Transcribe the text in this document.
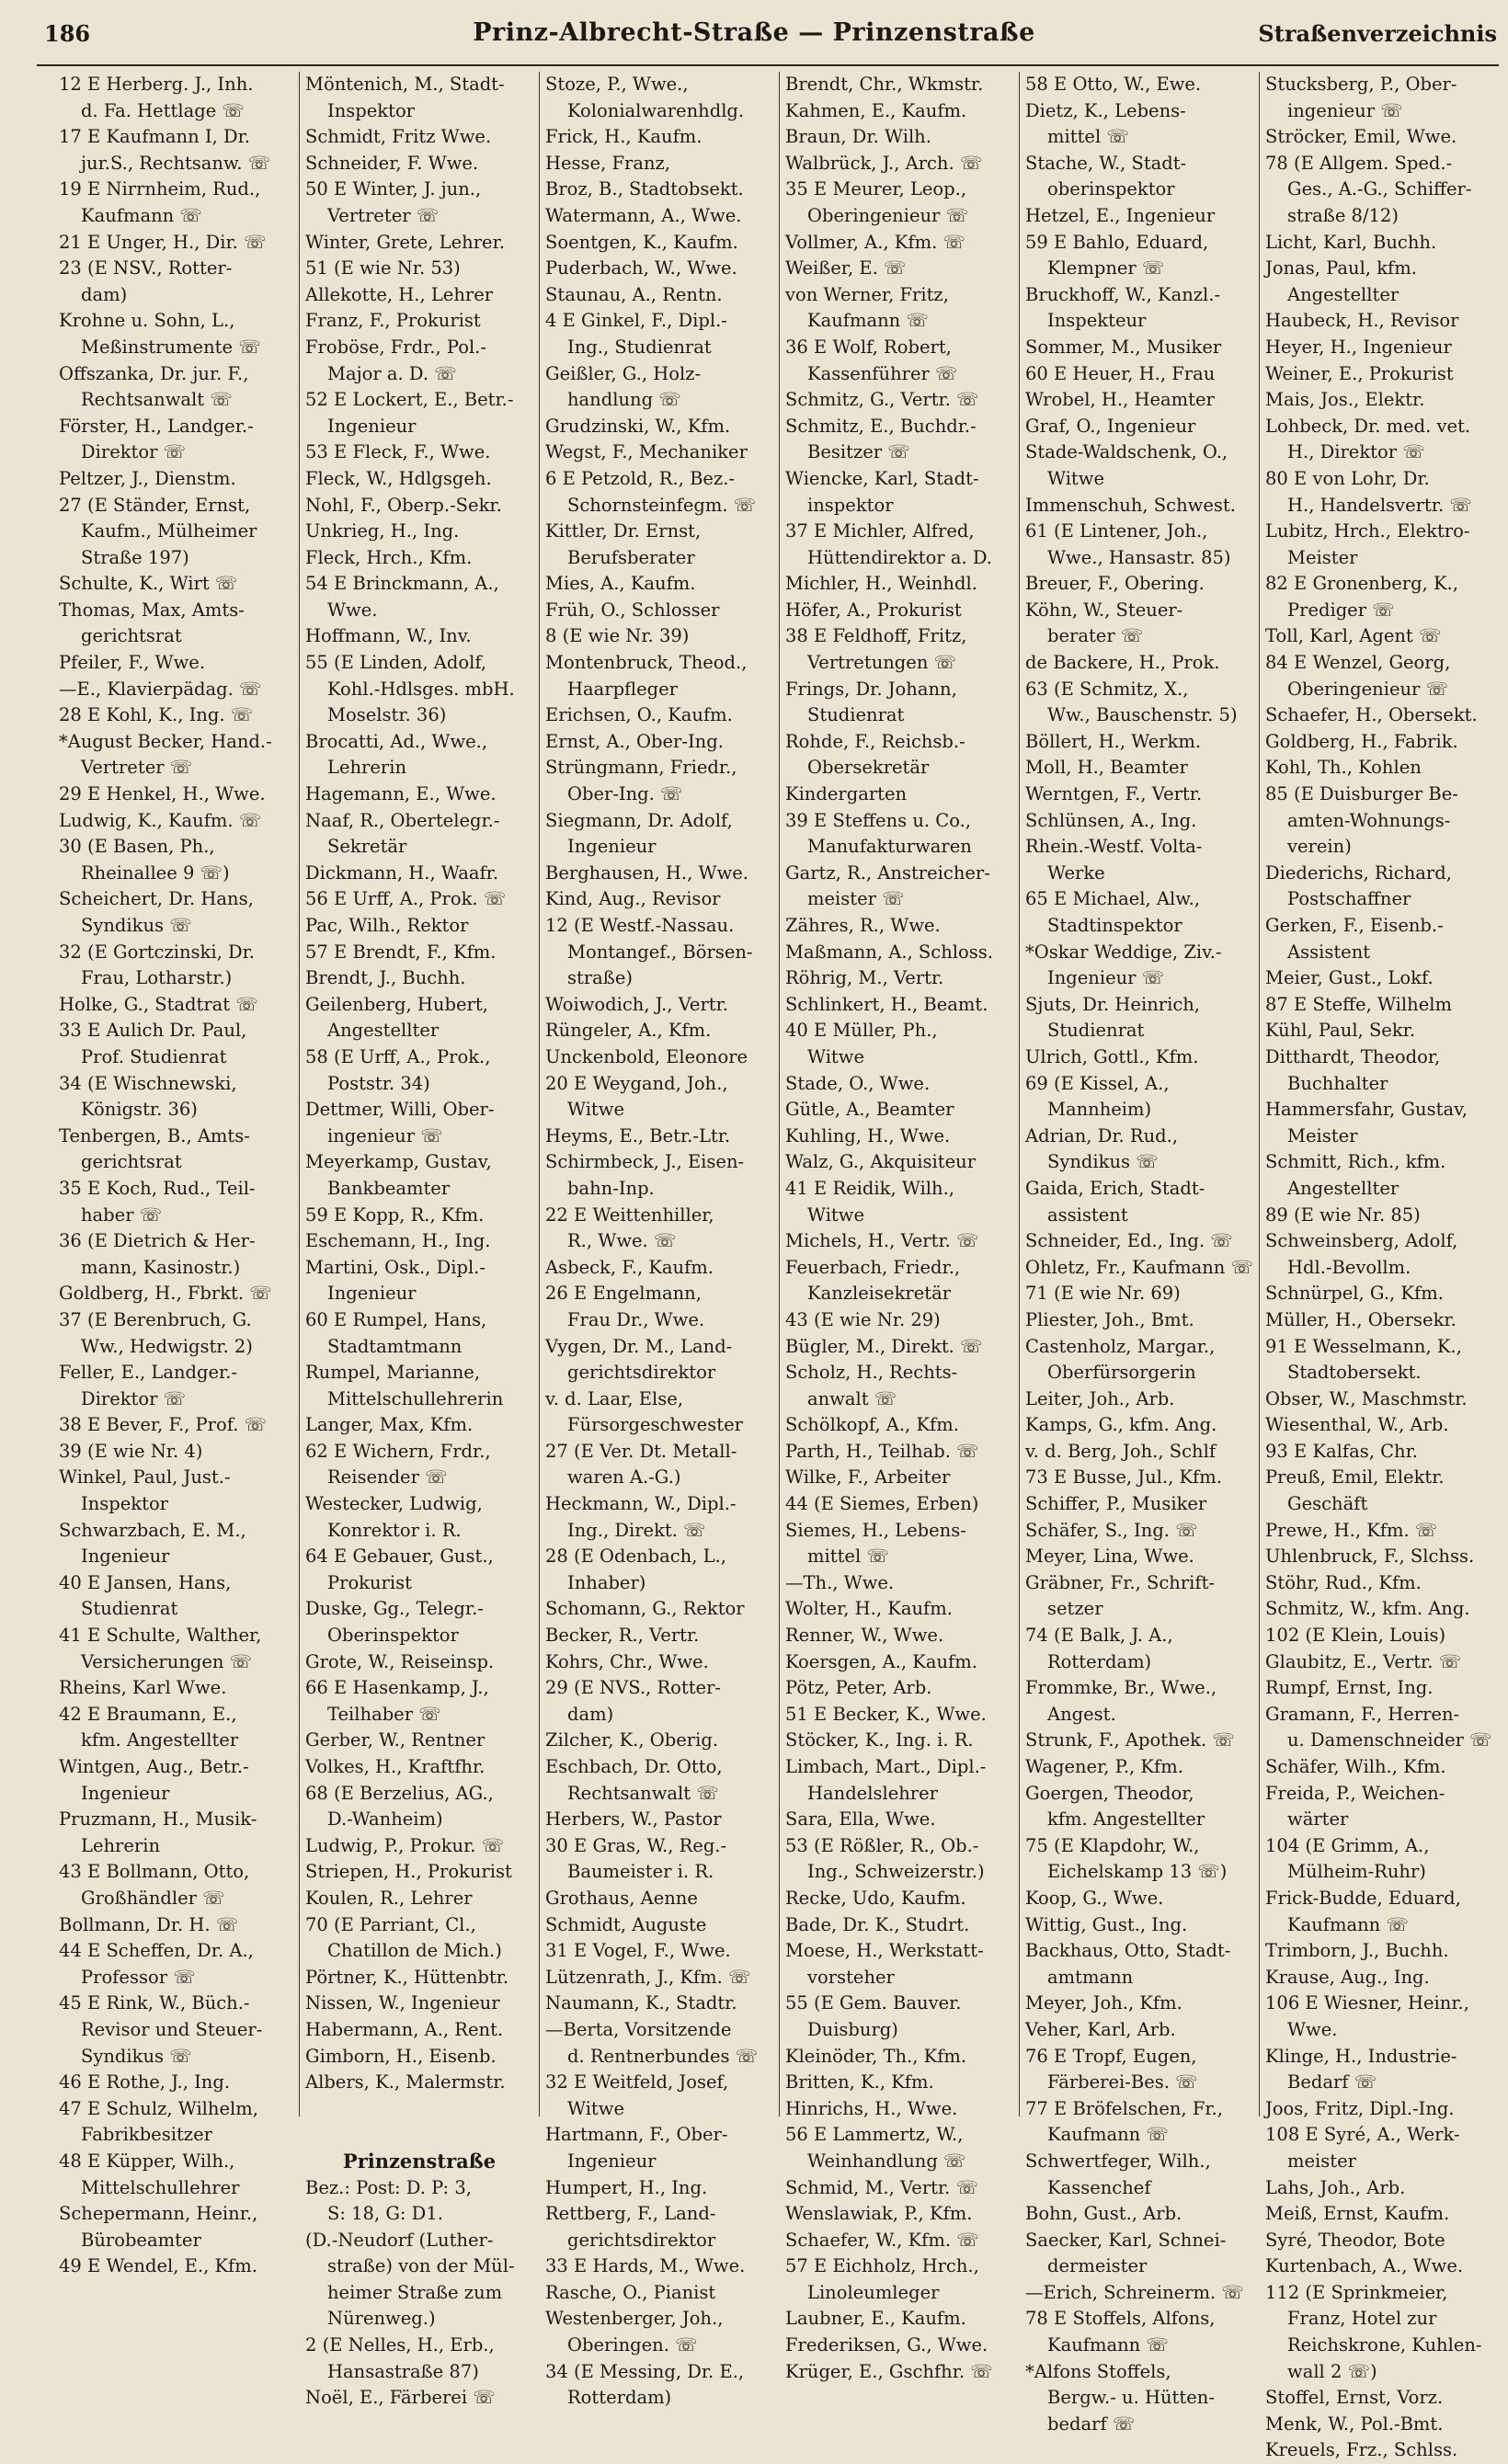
186	Prinz-Albrecht-Straße — Prinzenstraße	Straßenverzeichnis
12 E Herberg. J., Inh.
d. Fa. Hettlage ☏
17 E Kaufmann I, Dr.
jur.S., Rechtsanw. ☏
19 E Nirrnheim, Rud.,
Kaufmann ☏
21 E Unger, H., Dir. ☏
23 (E NSV., Rotter-
dam)
Krohne u. Sohn, L.,
Meßinstrumente ☏
Offszanka, Dr. jur. F.,
Rechtsanwalt ☏
Förster, H., Landger.-
Direktor ☏
Peltzer, J., Dienstm.
27 (E Ständer, Ernst,
Kaufm., Mülheimer
Straße 197)
Schulte, K., Wirt ☏
Thomas, Max, Amts-
gerichtsrat
Pfeiler, F., Wwe.
—E., Klavierpädag. ☏
28 E Kohl, K., Ing. ☏
*August Becker, Hand.-
Vertreter ☏
29 E Henkel, H., Wwe.
Ludwig, K., Kaufm. ☏
30 (E Basen, Ph.,
Rheinallee 9 ☏)
Scheichert, Dr. Hans,
Syndikus ☏
32 (E Gortczinski, Dr.
Frau, Lotharstr.)
Holke, G., Stadtrat ☏
33 E Aulich Dr. Paul,
Prof. Studienrat
34 (E Wischnewski,
Königstr. 36)
Tenbergen, B., Amts-
gerichtsrat
35 E Koch, Rud., Teil-
haber ☏
36 (E Dietrich & Her-
mann, Kasinostr.)
Goldberg, H., Fbrkt. ☏
37 (E Berenbruch, G.
Ww., Hedwigstr. 2)
Feller, E., Landger.-
Direktor ☏
38 E Bever, F., Prof. ☏
39 (E wie Nr. 4)
Winkel, Paul, Just.-
Inspektor
Schwarzbach, E. M.,
Ingenieur
40 E Jansen, Hans,
Studienrat
41 E Schulte, Walther,
Versicherungen ☏
Rheins, Karl Wwe.
42 E Braumann, E.,
kfm. Angestellter
Wintgen, Aug., Betr.-
Ingenieur
Pruzmann, H., Musik-
Lehrerin
43 E Bollmann, Otto,
Großhändler ☏
Bollmann, Dr. H. ☏
44 E Scheffen, Dr. A.,
Professor ☏
45 E Rink, W., Büch.-
Revisor und Steuer-
Syndikus ☏
46 E Rothe, J., Ing.
47 E Schulz, Wilhelm,
Fabrikbesitzer
48 E Küpper, Wilh.,
Mittelschullehrer
Schepermann, Heinr.,
Bürobeamter
49 E Wendel, E., Kfm.
Möntenich, M., Stadt-
Inspektor
Schmidt, Fritz Wwe.
Schneider, F. Wwe.
50 E Winter, J. jun.,
Vertreter ☏
Winter, Grete, Lehrer.
51 (E wie Nr. 53)
Allekotte, H., Lehrer
Franz, F., Prokurist
Froböse, Frdr., Pol.-
Major a. D. ☏
52 E Lockert, E., Betr.-
Ingenieur
53 E Fleck, F., Wwe.
Fleck, W., Hdlgsgeh.
Nohl, F., Oberp.-Sekr.
Unkrieg, H., Ing.
Fleck, Hrch., Kfm.
54 E Brinckmann, A.,
Wwe.
Hoffmann, W., Inv.
55 (E Linden, Adolf,
Kohl.-Hdlsges. mbH.
Moselstr. 36)
Brocatti, Ad., Wwe.,
Lehrerin
Hagemann, E., Wwe.
Naaf, R., Obertelegr.-
Sekretär
Dickmann, H., Waafr.
56 E Urff, A., Prok. ☏
Pac, Wilh., Rektor
57 E Brendt, F., Kfm.
Brendt, J., Buchh.
Geilenberg, Hubert,
Angestellter
58 (E Urff, A., Prok.,
Poststr. 34)
Dettmer, Willi, Ober-
ingenieur ☏
Meyerkamp, Gustav,
Bankbeamter
59 E Kopp, R., Kfm.
Eschemann, H., Ing.
Martini, Osk., Dipl.-
Ingenieur
60 E Rumpel, Hans,
Stadtamtmann
Rumpel, Marianne,
Mittelschullehrerin
Langer, Max, Kfm.
62 E Wichern, Frdr.,
Reisender ☏
Westecker, Ludwig,
Konrektor i. R.
64 E Gebauer, Gust.,
Prokurist
Duske, Gg., Telegr.-
Oberinspektor
Grote, W., Reiseinsp.
66 E Hasenkamp, J.,
Teilhaber ☏
Gerber, W., Rentner
Volkes, H., Kraftfhr.
68 (E Berzelius, AG.,
D.-Wanheim)
Ludwig, P., Prokur. ☏
Striepen, H., Prokurist
Koulen, R., Lehrer
70 (E Parriant, Cl.,
Chatillon de Mich.)
Pörtner, K., Hüttenbtr.
Nissen, W., Ingenieur
Habermann, A., Rent.
Gimborn, H., Eisenb.
Albers, K., Malermstr.
Prinzenstraße
Bez.: Post: D. P: 3,
S: 18, G: D1.
(D.-Neudorf (Luther-
straße) von der Mül-
heimer Straße zum
Nürenweg.)
2 (E Nelles, H., Erb.,
Hansastraße 87)
Noël, E., Färberei ☏
Stoze, P., Wwe.,
Kolonialwarenhdlg.
Frick, H., Kaufm.
Hesse, Franz,
Broz, B., Stadtobsekt.
Watermann, A., Wwe.
Soentgen, K., Kaufm.
Puderbach, W., Wwe.
Staunau, A., Rentn.
4 E Ginkel, F., Dipl.-
Ing., Studienrat
Geißler, G., Holz-
handlung ☏
Grudzinski, W., Kfm.
Wegst, F., Mechaniker
6 E Petzold, R., Bez.-
Schornsteinfegm. ☏
Kittler, Dr. Ernst,
Berufsberater
Mies, A., Kaufm.
Früh, O., Schlosser
8 (E wie Nr. 39)
Montenbruck, Theod.,
Haarpfleger
Erichsen, O., Kaufm.
Ernst, A., Ober-Ing.
Strüngmann, Friedr.,
Ober-Ing. ☏
Siegmann, Dr. Adolf,
Ingenieur
Berghausen, H., Wwe.
Kind, Aug., Revisor
12 (E Westf.-Nassau.
Montangef., Börsen-
straße)
Woiwodich, J., Vertr.
Rüngeler, A., Kfm.
Unckenbold, Eleonore
20 E Weygand, Joh.,
Witwe
Heyms, E., Betr.-Ltr.
Schirmbeck, J., Eisen-
bahn-Inp.
22 E Weittenhiller,
R., Wwe. ☏
Asbeck, F., Kaufm.
26 E Engelmann,
Frau Dr., Wwe.
Vygen, Dr. M., Land-
gerichtsdirektor
v. d. Laar, Else,
Fürsorgeschwester
27 (E Ver. Dt. Metall-
waren A.-G.)
Heckmann, W., Dipl.-
Ing., Direkt. ☏
28 (E Odenbach, L.,
Inhaber)
Schomann, G., Rektor
Becker, R., Vertr.
Kohrs, Chr., Wwe.
29 (E NVS., Rotter-
dam)
Zilcher, K., Oberig.
Eschbach, Dr. Otto,
Rechtsanwalt ☏
Herbers, W., Pastor
30 E Gras, W., Reg.-
Baumeister i. R.
Grothaus, Aenne
Schmidt, Auguste
31 E Vogel, F., Wwe.
Lützenrath, J., Kfm. ☏
Naumann, K., Stadtr.
—Berta, Vorsitzende
d. Rentnerbundes ☏
32 E Weitfeld, Josef,
Witwe
Hartmann, F., Ober-
Ingenieur
Humpert, H., Ing.
Rettberg, F., Land-
gerichtsdirektor
33 E Hards, M., Wwe.
Rasche, O., Pianist
Westenberger, Joh.,
Oberingen. ☏
34 (E Messing, Dr. E.,
Rotterdam)
Brendt, Chr., Wkmstr.
Kahmen, E., Kaufm.
Braun, Dr. Wilh.
Walbrück, J., Arch. ☏
35 E Meurer, Leop.,
Oberingenieur ☏
Vollmer, A., Kfm. ☏
Weißer, E. ☏
von Werner, Fritz,
Kaufmann ☏
36 E Wolf, Robert,
Kassenführer ☏
Schmitz, G., Vertr. ☏
Schmitz, E., Buchdr.-
Besitzer ☏
Wiencke, Karl, Stadt-
inspektor
37 E Michler, Alfred,
Hüttendirektor a. D.
Michler, H., Weinhdl.
Höfer, A., Prokurist
38 E Feldhoff, Fritz,
Vertretungen ☏
Frings, Dr. Johann,
Studienrat
Rohde, F., Reichsb.-
Obersekretär
Kindergarten
39 E Steffens u. Co.,
Manufakturwaren
Gartz, R., Anstreicher-
meister ☏
Zähres, R., Wwe.
Maßmann, A., Schloss.
Röhrig, M., Vertr.
Schlinkert, H., Beamt.
40 E Müller, Ph.,
Witwe
Stade, O., Wwe.
Gütle, A., Beamter
Kuhling, H., Wwe.
Walz, G., Akquisiteur
41 E Reidik, Wilh.,
Witwe
Michels, H., Vertr. ☏
Feuerbach, Friedr.,
Kanzleisekretär
43 (E wie Nr. 29)
Bügler, M., Direkt. ☏
Scholz, H., Rechts-
anwalt ☏
Schölkopf, A., Kfm.
Parth, H., Teilhab. ☏
Wilke, F., Arbeiter
44 (E Siemes, Erben)
Siemes, H., Lebens-
mittel ☏
—Th., Wwe.
Wolter, H., Kaufm.
Renner, W., Wwe.
Koersgen, A., Kaufm.
Pötz, Peter, Arb.
51 E Becker, K., Wwe.
Stöcker, K., Ing. i. R.
Limbach, Mart., Dipl.-
Handelslehrer
Sara, Ella, Wwe.
53 (E Rößler, R., Ob.-
Ing., Schweizerstr.)
Recke, Udo, Kaufm.
Bade, Dr. K., Studrt.
Moese, H., Werkstatt-
vorsteher
55 (E Gem. Bauver.
Duisburg)
Kleinöder, Th., Kfm.
Britten, K., Kfm.
Hinrichs, H., Wwe.
56 E Lammertz, W.,
Weinhandlung ☏
Schmid, M., Vertr. ☏
Wenslawiak, P., Kfm.
Schaefer, W., Kfm. ☏
57 E Eichholz, Hrch.,
Linoleumleger
Laubner, E., Kaufm.
Frederiksen, G., Wwe.
Krüger, E., Gschfhr. ☏
58 E Otto, W., Ewe.
Dietz, K., Lebens-
mittel ☏
Stache, W., Stadt-
oberinspektor
Hetzel, E., Ingenieur
59 E Bahlo, Eduard,
Klempner ☏
Bruckhoff, W., Kanzl.-
Inspekteur
Sommer, M., Musiker
60 E Heuer, H., Frau
Wrobel, H., Heamter
Graf, O., Ingenieur
Stade-Waldschenk, O.,
Witwe
Immenschuh, Schwest.
61 (E Lintener, Joh.,
Wwe., Hansastr. 85)
Breuer, F., Obering.
Köhn, W., Steuer-
berater ☏
de Backere, H., Prok.
63 (E Schmitz, X.,
Ww., Bauschenstr. 5)
Böllert, H., Werkm.
Moll, H., Beamter
Werntgen, F., Vertr.
Schlünsen, A., Ing.
Rhein.-Westf. Volta-
Werke
65 E Michael, Alw.,
Stadtinspektor
*Oskar Weddige, Ziv.-
Ingenieur ☏
Sjuts, Dr. Heinrich,
Studienrat
Ulrich, Gottl., Kfm.
69 (E Kissel, A.,
Mannheim)
Adrian, Dr. Rud.,
Syndikus ☏
Gaida, Erich, Stadt-
assistent
Schneider, Ed., Ing. ☏
Ohletz, Fr., Kaufmann ☏
71 (E wie Nr. 69)
Pliester, Joh., Bmt.
Castenholz, Margar.,
Oberfürsorgerin
Leiter, Joh., Arb.
Kamps, G., kfm. Ang.
v. d. Berg, Joh., Schlf
73 E Busse, Jul., Kfm.
Schiffer, P., Musiker
Schäfer, S., Ing. ☏
Meyer, Lina, Wwe.
Gräbner, Fr., Schrift-
setzer
74 (E Balk, J. A.,
Rotterdam)
Frommke, Br., Wwe.,
Angest.
Strunk, F., Apothek. ☏
Wagener, P., Kfm.
Goergen, Theodor,
kfm. Angestellter
75 (E Klapdohr, W.,
Eichelskamp 13 ☏)
Koop, G., Wwe.
Wittig, Gust., Ing.
Backhaus, Otto, Stadt-
amtmann
Meyer, Joh., Kfm.
Veher, Karl, Arb.
76 E Tropf, Eugen,
Färberei-Bes. ☏
77 E Bröfelschen, Fr.,
Kaufmann ☏
Schwertfeger, Wilh.,
Kassenchef
Bohn, Gust., Arb.
Saecker, Karl, Schnei-
dermeister
—Erich, Schreinerm. ☏
78 E Stoffels, Alfons,
Kaufmann ☏
*Alfons Stoffels,
Bergw.- u. Hütten-
bedarf ☏
Stucksberg, P., Ober-
ingenieur ☏
Ströcker, Emil, Wwe.
78 (E Allgem. Sped.-
Ges., A.-G., Schiffer-
straße 8/12)
Licht, Karl, Buchh.
Jonas, Paul, kfm.
Angestellter
Haubeck, H., Revisor
Heyer, H., Ingenieur
Weiner, E., Prokurist
Mais, Jos., Elektr.
Lohbeck, Dr. med. vet.
H., Direktor ☏
80 E von Lohr, Dr.
H., Handelsvertr. ☏
Lubitz, Hrch., Elektro-
Meister
82 E Gronenberg, K.,
Prediger ☏
Toll, Karl, Agent ☏
84 E Wenzel, Georg,
Oberingenieur ☏
Schaefer, H., Obersekt.
Goldberg, H., Fabrik.
Kohl, Th., Kohlen
85 (E Duisburger Be-
amten-Wohnungs-
verein)
Diederichs, Richard,
Postschaffner
Gerken, F., Eisenb.-
Assistent
Meier, Gust., Lokf.
87 E Steffe, Wilhelm
Kühl, Paul, Sekr.
Ditthardt, Theodor,
Buchhalter
Hammersfahr, Gustav,
Meister
Schmitt, Rich., kfm.
Angestellter
89 (E wie Nr. 85)
Schweinsberg, Adolf,
Hdl.-Bevollm.
Schnürpel, G., Kfm.
Müller, H., Obersekr.
91 E Wesselmann, K.,
Stadtobersekt.
Obser, W., Maschmstr.
Wiesenthal, W., Arb.
93 E Kalfas, Chr.
Preuß, Emil, Elektr.
Geschäft
Prewe, H., Kfm. ☏
Uhlenbruck, F., Slchss.
Stöhr, Rud., Kfm.
Schmitz, W., kfm. Ang.
102 (E Klein, Louis)
Glaubitz, E., Vertr. ☏
Rumpf, Ernst, Ing.
Gramann, F., Herren-
u. Damenschneider ☏
Schäfer, Wilh., Kfm.
Freida, P., Weichen-
wärter
104 (E Grimm, A.,
Mülheim-Ruhr)
Frick-Budde, Eduard,
Kaufmann ☏
Trimborn, J., Buchh.
Krause, Aug., Ing.
106 E Wiesner, Heinr.,
Wwe.
Klinge, H., Industrie-
Bedarf ☏
Joos, Fritz, Dipl.-Ing.
108 E Syré, A., Werk-
meister
Lahs, Joh., Arb.
Meiß, Ernst, Kaufm.
Syré, Theodor, Bote
Kurtenbach, A., Wwe.
112 (E Sprinkmeier,
Franz, Hotel zur
Reichskrone, Kuhlen-
wall 2 ☏)
Stoffel, Ernst, Vorz.
Menk, W., Pol.-Bmt.
Kreuels, Frz., Schlss.
